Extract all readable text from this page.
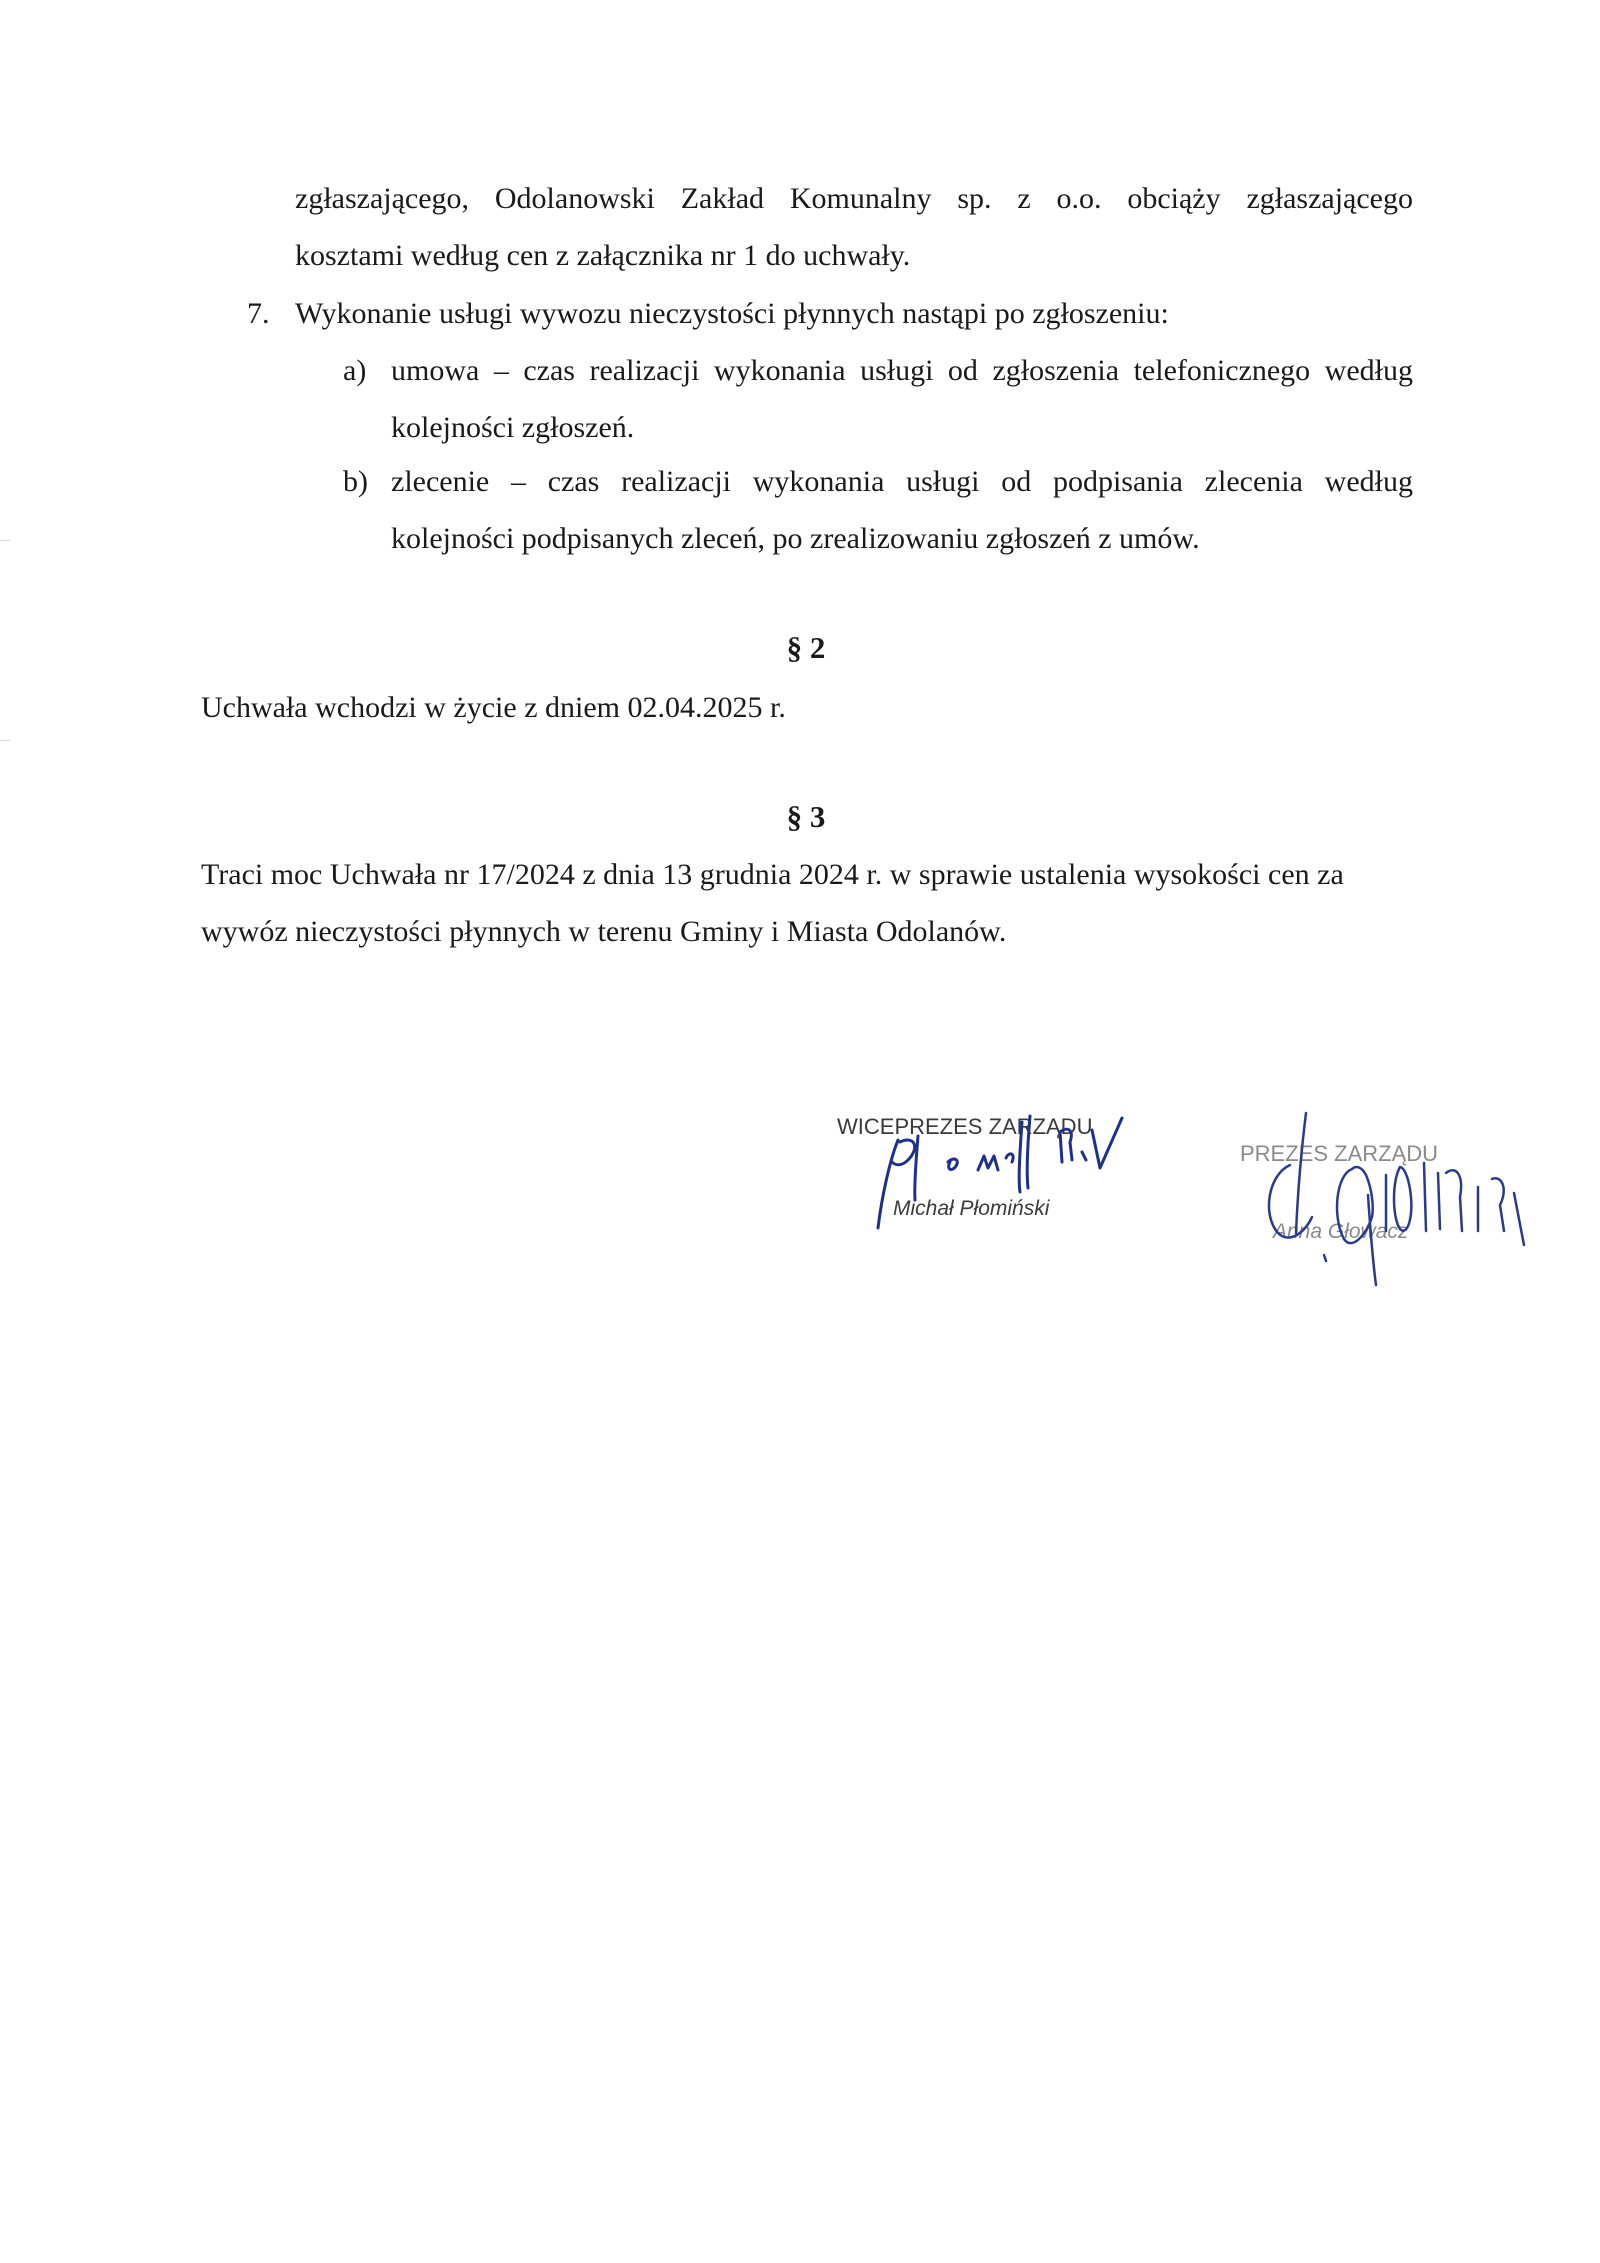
zgłaszającego, Odolanowski Zakład Komunalny sp. z o.o. obciąży zgłaszającego
kosztami według cen z załącznika nr 1 do uchwały.
7. Wykonanie usługi wywozu nieczystości płynnych nastąpi po zgłoszeniu:
a) umowa – czas realizacji wykonania usługi od zgłoszenia telefonicznego według
kolejności zgłoszeń.
b) zlecenie – czas realizacji wykonania usługi od podpisania zlecenia według
kolejności podpisanych zleceń, po zrealizowaniu zgłoszeń z umów.
§ 2
Uchwała wchodzi w życie z dniem 02.04.2025 r.
§ 3
Traci moc Uchwała nr 17/2024 z dnia 13 grudnia 2024 r. w sprawie ustalenia wysokości cen za
wywóz nieczystości płynnych w terenu Gminy i Miasta Odolanów.
WICEPREZES ZARZĄDU
Michał Płomiński
PREZES ZARZĄDU
Anna Głowacz
